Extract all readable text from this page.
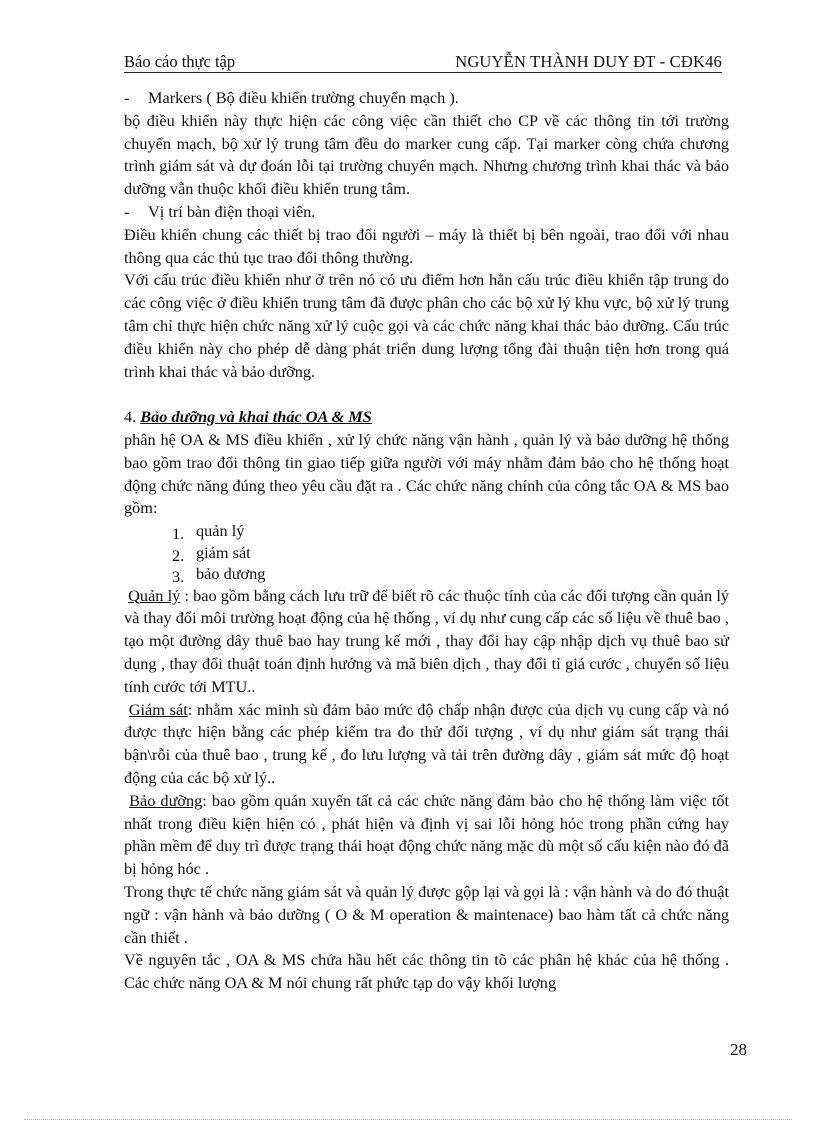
Báo cáo thực tập	NGUYỄN THÀNH DUY ĐT - CĐK46
-	Markers ( Bộ điều khiển trường chuyển mạch ).

bộ điều khiển này thực hiện các công việc cần thiết cho CP về các thông tin tới trường chuyển mạch, bộ xử lý trung tâm đều do marker cung cấp. Tại marker còng chứa chương trình giám sát và dự đoán lỗi tại trường chuyển mạch. Nhưng chương trình khai thác và bảo dưỡng vẫn thuộc khối điều khiển trung tâm.

-	Vị trí bàn điện thoại viên.

Điều khiển chung các thiết bị trao đổi người – máy là thiết bị bên ngoài, trao đổi với nhau thông qua các thủ tục trao đổi thông thường.

Với cấu trúc điều khiển như ở trên nó có ưu điểm hơn hẳn cấu trúc điều khiển tập trung do các công việc ở điều khiển trung tâm đã được phân cho các bộ xử lý khu vực, bộ xử lý trung tâm chỉ thực hiện chức năng xử lý cuộc gọi và các chức năng khai thác bảo dưỡng. Cấu trúc điều khiển này cho phép dễ dàng phát triển dung lượng tổng đài thuận tiện hơn trong quá trình khai thác và bảo dưỡng.

4. Bảo dưỡng và khai thác OA & MS

phân hệ OA & MS điều khiển , xử lý chức năng vận hành , quản lý và bảo dưỡng hệ thống bao gồm trao đổi thông tin giao tiếp giữa người với máy nhằm đảm bảo cho hệ thống hoạt động chức năng đúng theo yêu cầu đặt ra . Các chức năng chính của công tắc OA & MS bao gồm:

1. quản lý
2. giám sát
3. bảo dương

Quản lý : bao gồm bằng cách lưu trữ để biết rõ các thuộc tính của các đối tượng cần quản lý và thay đổi môi trường hoạt động của hệ thống , ví dụ như cung cấp các số liệu về thuê bao , tạo một đường dây thuê bao hay trung kế mới , thay đổi hay cập nhập dịch vụ thuê bao sử dụng , thay đổi thuật toán định hướng và mã biên dịch , thay đổi tỉ giá cước , chuyển số liệu tính cước tới MTU..

Giám sát: nhằm xác minh sù đảm bảo mức độ chấp nhận được của dịch vụ cung cấp và nó được thực hiện bằng các phép kiểm tra đo thử đối tượng , ví dụ như giám sát trạng thái bận\rỗi của thuê bao , trung kế , đo lưu lượng và tải trên đường dây , giám sát mức độ hoạt động của các bộ xử lý..

Bảo dưỡng: bao gồm quán xuyến tất cả các chức năng đảm bảo cho hệ thống làm việc tốt nhất trong điều kiện hiện có , phát hiện và định vị sai lỗi hỏng hóc trong phần cứng hay phần mềm để duy trì được trạng thái hoạt động chức năng mặc dù một số cấu kiện nào đó đã bị hỏng hóc .

Trong thực tế chức năng giám sát và quản lý được gộp lại và gọi là : vận hành và do đó thuật ngữ : vận hành và bảo dưỡng ( O & M operation & maintenace) bao hàm tất cả chức năng cần thiết .

Về nguyên tắc , OA & MS chứa hầu hết các thông tin tõ các phân hệ khác của hệ thống . Các chức năng OA & M nói chung rất phức tạp do vậy khối lượng

28
